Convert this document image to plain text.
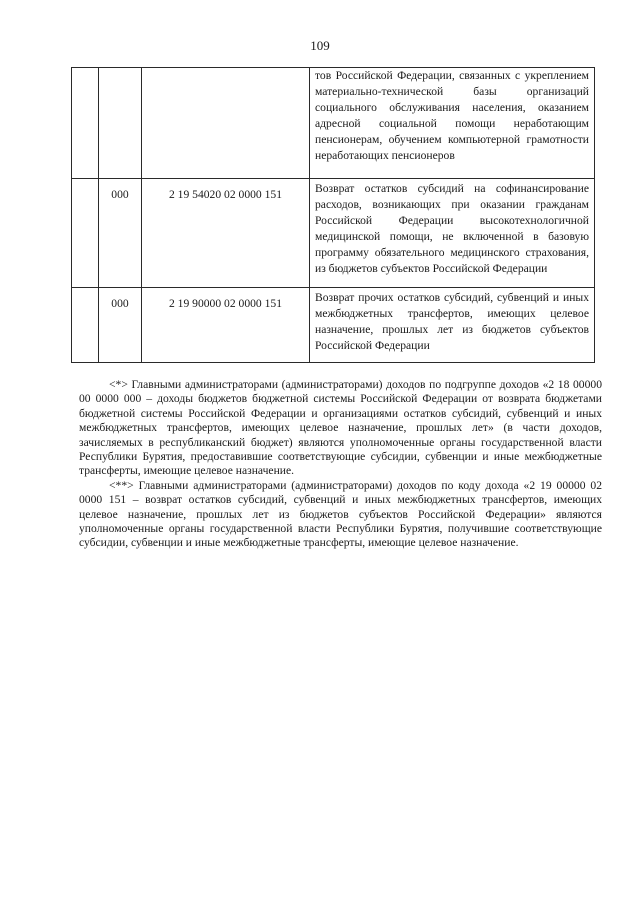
109
			тов Российской Федерации, связанных с укреплением материально-технической базы организаций социального обслуживания населения, оказанием адресной социальной помощи неработающим пенсионерам, обучением компьютерной грамотности неработающих пенсионеров
	000	2 19 54020 02 0000 151	Возврат остатков субсидий на софинансирование расходов, возникающих при оказании гражданам Российской Федерации высокотехнологичной медицинской помощи, не включенной в базовую программу обязательного медицинского страхования, из бюджетов субъектов Российской Федерации
	000	2 19 90000 02 0000 151	Возврат прочих остатков субсидий, субвенций и иных межбюджетных трансфертов, имеющих целевое назначение, прошлых лет из бюджетов субъектов Российской Федерации

<*> Главными администраторами (администраторами) доходов по подгруппе доходов «2 18 00000 00 0000 000 – доходы бюджетов бюджетной системы Российской Федерации от возврата бюджетами бюджетной системы Российской Федерации и организациями остатков субсидий, субвенций и иных межбюджетных трансфертов, имеющих целевое назначение, прошлых лет» (в части доходов, зачисляемых в республиканский бюджет) являются уполномоченные органы государственной власти Республики Бурятия, предоставившие соответствующие субсидии, субвенции и иные межбюджетные трансферты, имеющие целевое назначение.

<**> Главными администраторами (администраторами) доходов по коду дохода «2 19 00000 02 0000 151 – возврат остатков субсидий, субвенций и иных межбюджетных трансфертов, имеющих целевое назначение, прошлых лет из бюджетов субъектов Российской Федерации» являются уполномоченные органы государственной власти Республики Бурятия, получившие соответствующие субсидии, субвенции и иные межбюджетные трансферты, имеющие целевое назначение.
